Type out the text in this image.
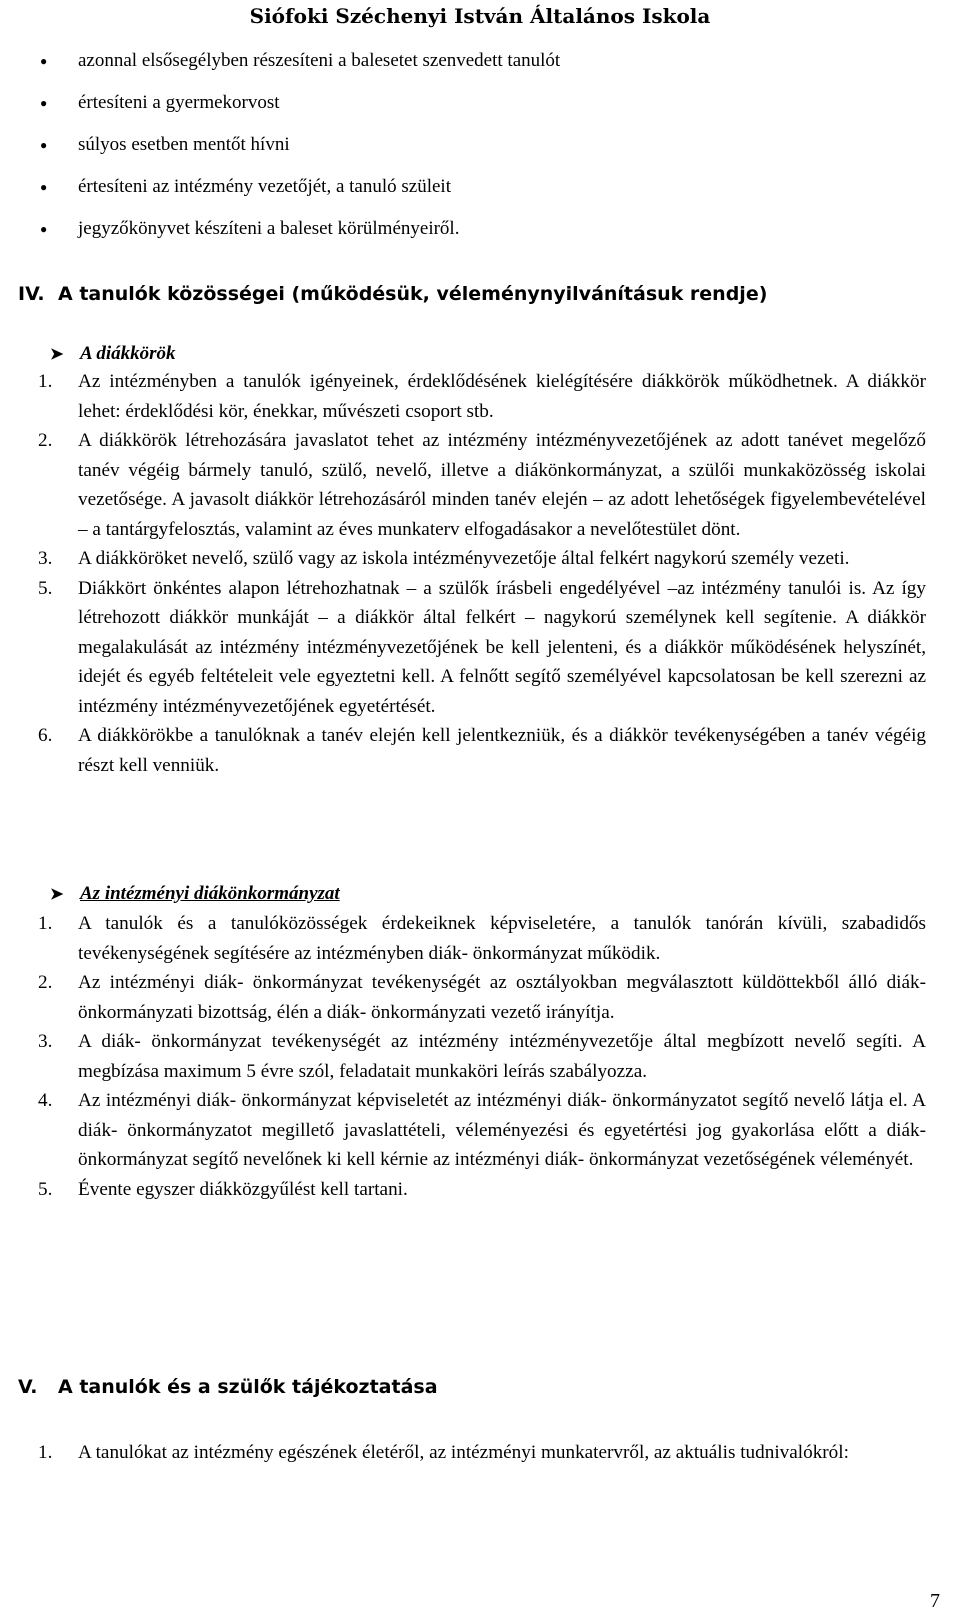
Siófoki Széchenyi István Általános Iskola
● azonnal elsősegélyben részesíteni a balesetet szenvedett tanulót
● értesíteni a gyermekorvost
● súlyos esetben mentőt hívni
● értesíteni az intézmény vezetőjét, a tanuló szüleit
● jegyzőkönyvet készíteni a baleset körülményeiről.
IV. A tanulók közösségei (működésük, véleménynyilvánításuk rendje)
➤ A diákkörök
1. Az intézményben a tanulók igényeinek, érdeklődésének kielégítésére diákkörök működhetnek. A diákkör lehet: érdeklődési kör, énekkar, művészeti csoport stb.
2. A diákkörök létrehozására javaslatot tehet az intézmény intézményvezetőjének az adott tanévet megelőző tanév végéig bármely tanuló, szülő, nevelő, illetve a diákönkormányzat, a szülői munkaközösség iskolai vezetősége. A javasolt diákkör létrehozásáról minden tanév elején – az adott lehetőségek figyelembevételével – a tantárgyfelosztás, valamint az éves munkaterv elfogadásakor a nevelőtestület dönt.
3. A diákköröket nevelő, szülő vagy az iskola intézményvezetője által felkért nagykorú személy vezeti.
5. Diákkört önkéntes alapon létrehozhatnak – a szülők írásbeli engedélyével –az intézmény tanulói is. Az így létrehozott diákkör munkáját – a diákkör által felkért – nagykorú személynek kell segítenie. A diákkör megalakulását az intézmény intézményvezetőjének be kell jelenteni, és a diákkör működésének helyszínét, idejét és egyéb feltételeit vele egyeztetni kell. A felnőtt segítő személyével kapcsolatosan be kell szerezni az intézmény intézményvezetőjének egyetértését.
6. A diákkörökbe a tanulóknak a tanév elején kell jelentkezniük, és a diákkör tevékenységében a tanév végéig részt kell venniük.
➤ Az intézményi diákönkormányzat
1. A tanulók és a tanulóközösségek érdekeiknek képviseletére, a tanulók tanórán kívüli, szabadidős tevékenységének segítésére az intézményben diák- önkormányzat működik.
2. Az intézményi diák- önkormányzat tevékenységét az osztályokban megválasztott küldöttekből álló diák- önkormányzati bizottság, élén a diák- önkormányzati vezető irányítja.
3. A diák- önkormányzat tevékenységét az intézmény intézményvezetője által megbízott nevelő segíti. A megbízása maximum 5 évre szól, feladatait munkaköri leírás szabályozza.
4. Az intézményi diák- önkormányzat képviseletét az intézményi diák- önkormányzatot segítő nevelő látja el. A diák- önkormányzatot megillető javaslattételi, véleményezési és egyetértési jog gyakorlása előtt a diák- önkormányzat segítő nevelőnek ki kell kérnie az intézményi diák- önkormányzat vezetőségének véleményét.
5. Évente egyszer diákközgyűlést kell tartani.
V. A tanulók és a szülők tájékoztatása
1. A tanulókat az intézmény egészének életéről, az intézményi munkatervről, az aktuális tudnivalókról:
7
